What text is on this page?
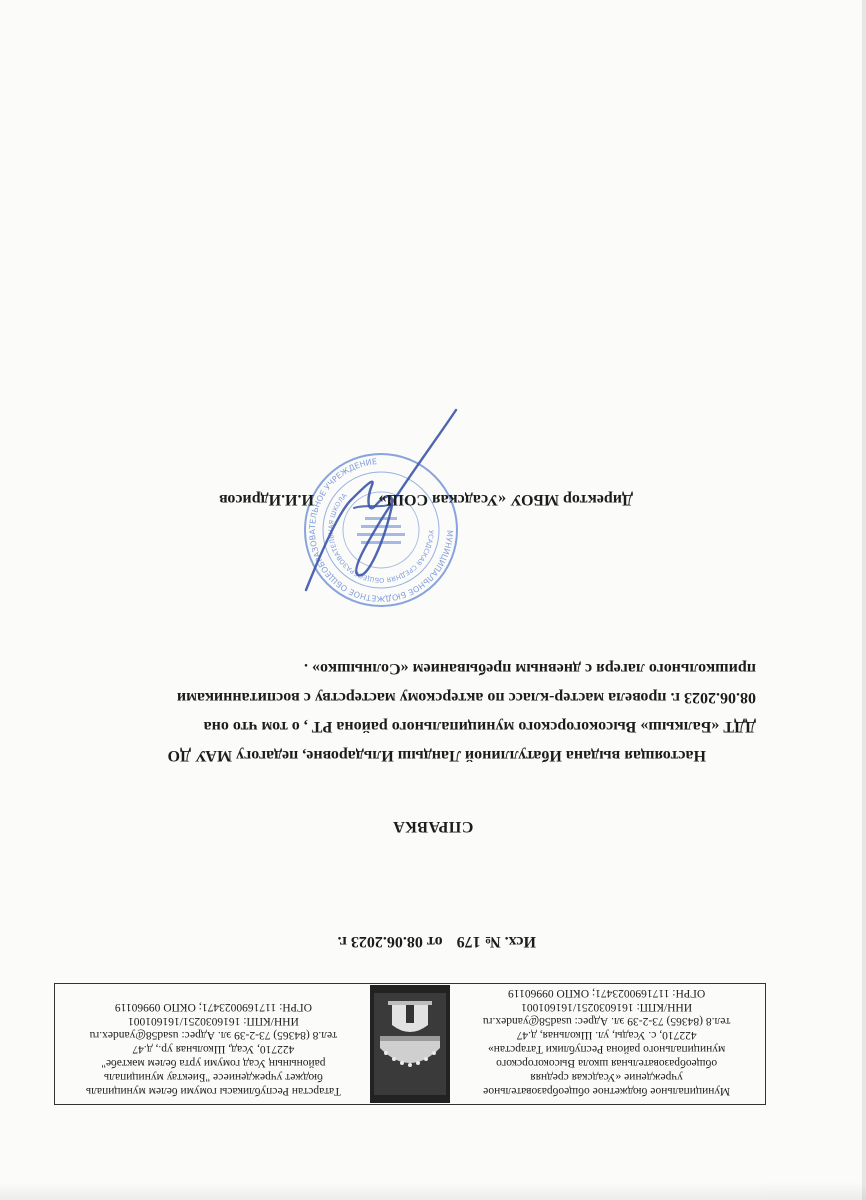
Муниципальное бюджетное общеобразовательное
учреждение «Усадская средняя
общеобразовательная школа Высокогорского
муниципального района Республики Татарстан»
422710, с. Усады, ул. Школьная, д.47
тел.8 (84365) 73-2-39 эл. Адрес: usad58@yandex.ru
ИНН/КПП: 1616030251/161601001
ОГРН: 1171690023471; ОКПО 09960119
Татарстан Республикасы гомуми белем муниципаль
бюджет учреждениесе "Биектау муниципаль
районының Усад гомуми урта белем мәктәбе"
422710, Усад, Школьная ур., д.47
тел.8 (84365) 73-2-39 эл. Адрес: usad58@yandex.ru
ИНН/КПП: 1616030251/161601001
ОГРН: 1171690023471; ОКПО 09960119
Исх. № 179 от 08.06.2023 г.
СПРАВКА
Настоящая выдана Ибатуллиной Ландыш Ильдаровне, педагогу МАУ ДО
ДДТ «Балкыш» Высокогорского муниципального района РТ , о том что она
08.06.2023 г. провела мастер-класс по актерскому мастерству с воспитанниками
пришкольного лагеря с дневным пребыванием «Солнышко» .
МУНИЦИПАЛЬНОЕ БЮДЖЕТНОЕ ОБЩЕОБРАЗОВАТЕЛЬНОЕ УЧРЕЖДЕНИЕ
УСАДСКАЯ СРЕДНЯЯ ОБЩЕОБРАЗОВАТЕЛЬНАЯ ШКОЛА	Директор МБОУ «Усадская СОШ»
И.И.Идрисов
